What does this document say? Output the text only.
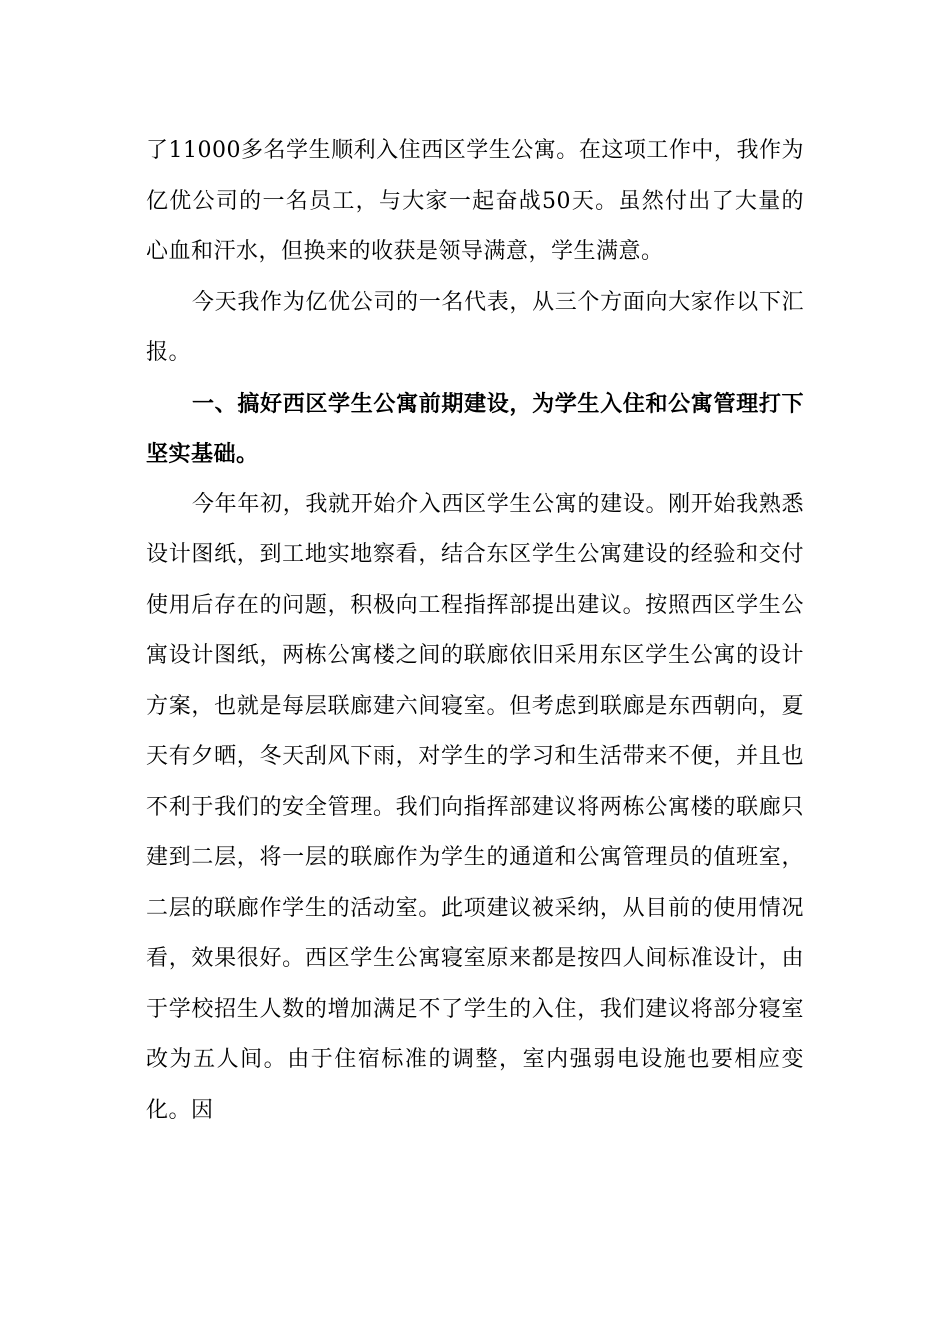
了11000多名学生顺利入住西区学生公寓。在这项工作中，我作为亿优公司的一名员工，与大家一起奋战50天。虽然付出了大量的心血和汗水，但换来的收获是领导满意，学生满意。

今天我作为亿优公司的一名代表，从三个方面向大家作以下汇报。

一、搞好西区学生公寓前期建设，为学生入住和公寓管理打下坚实基础。

今年年初，我就开始介入西区学生公寓的建设。刚开始我熟悉设计图纸，到工地实地察看，结合东区学生公寓建设的经验和交付使用后存在的问题，积极向工程指挥部提出建议。按照西区学生公寓设计图纸，两栋公寓楼之间的联廊依旧采用东区学生公寓的设计方案，也就是每层联廊建六间寝室。但考虑到联廊是东西朝向，夏天有夕晒，冬天刮风下雨，对学生的学习和生活带来不便，并且也不利于我们的安全管理。我们向指挥部建议将两栋公寓楼的联廊只建到二层，将一层的联廊作为学生的通道和公寓管理员的值班室，二层的联廊作学生的活动室。此项建议被采纳，从目前的使用情况看，效果很好。西区学生公寓寝室原来都是按四人间标准设计，由于学校招生人数的增加满足不了学生的入住，我们建议将部分寝室改为五人间。由于住宿标准的调整，室内强弱电设施也要相应变化。因
